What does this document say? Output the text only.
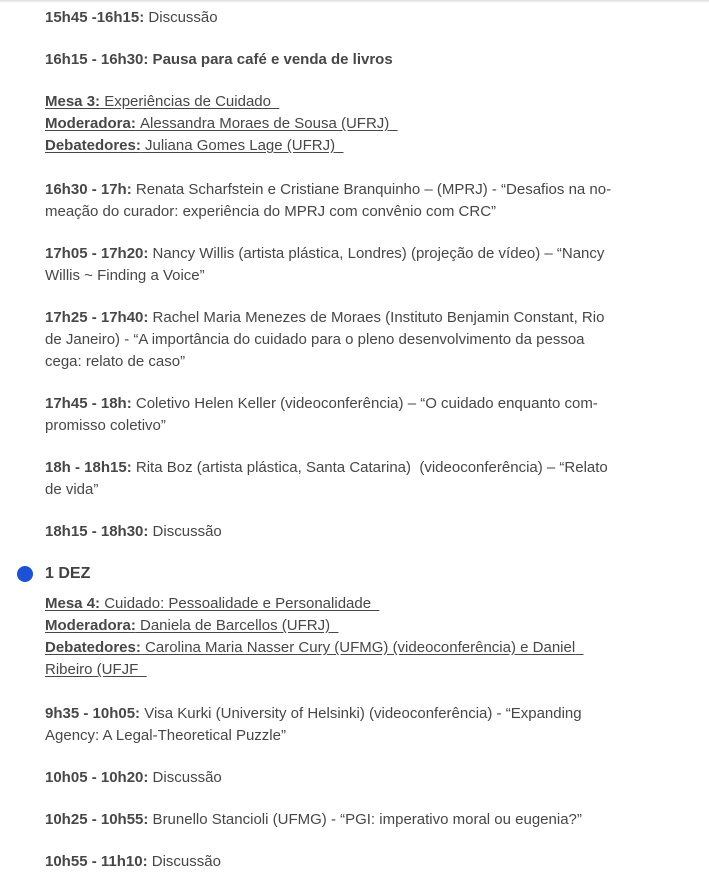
15h45 -16h15: Discussão
16h15 - 16h30: Pausa para café e venda de livros
Mesa 3: Experiências de Cuidado
Moderadora: Alessandra Moraes de Sousa (UFRJ)
Debatedores: Juliana Gomes Lage (UFRJ)
16h30 - 17h: Renata Scharfstein e Cristiane Branquinho – (MPRJ) - “Desafios na no-
meação do curador: experiência do MPRJ com convênio com CRC”
17h05 - 17h20: Nancy Willis (artista plástica, Londres) (projeção de vídeo) – “Nancy
Willis ~ Finding a Voice”
17h25 - 17h40: Rachel Maria Menezes de Moraes (Instituto Benjamin Constant, Rio
de Janeiro) - “A importância do cuidado para o pleno desenvolvimento da pessoa
cega: relato de caso”
17h45 - 18h: Coletivo Helen Keller (videoconferência) – “O cuidado enquanto com-
promisso coletivo”
18h - 18h15: Rita Boz (artista plástica, Santa Catarina)  (videoconferência) – “Relato
de vida”
18h15 - 18h30: Discussão
1 DEZ
Mesa 4: Cuidado: Pessoalidade e Personalidade
Moderadora: Daniela de Barcellos (UFRJ)
Debatedores: Carolina Maria Nasser Cury (UFMG) (videoconferência) e Daniel
Ribeiro (UFJF
9h35 - 10h05: Visa Kurki (University of Helsinki) (videoconferência) - “Expanding
Agency: A Legal-Theoretical Puzzle”
10h05 - 10h20: Discussão
10h25 - 10h55: Brunello Stancioli (UFMG) - “PGI: imperativo moral ou eugenia?”
10h55 - 11h10: Discussão
